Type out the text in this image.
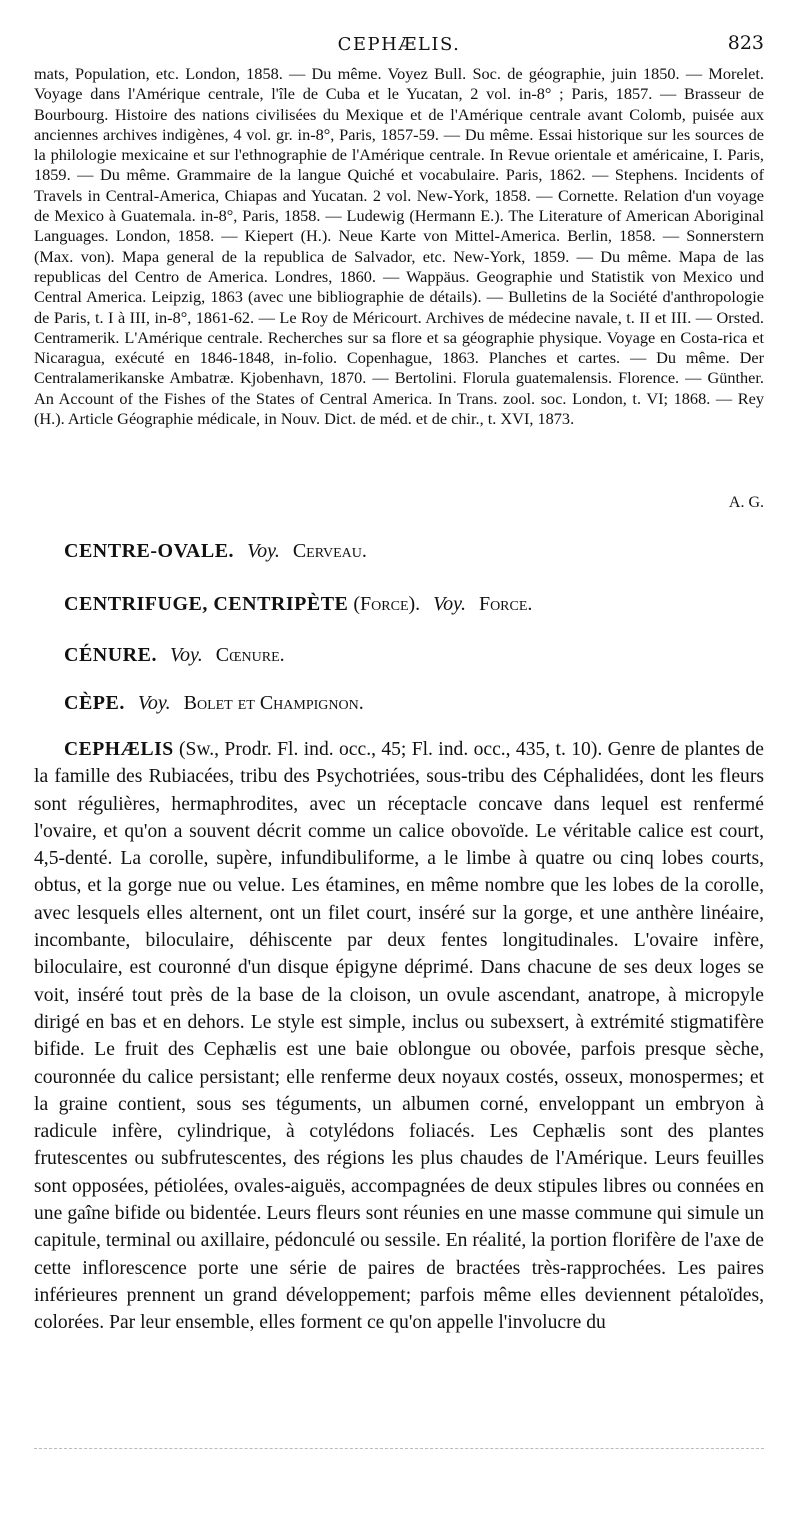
CEPHÆLIS.	823
mats, Population, etc. London, 1858. — Du même. Voyez Bull. Soc. de géographie, juin 1850. — Morelet. Voyage dans l'Amérique centrale, l'île de Cuba et le Yucatan, 2 vol. in-8° ; Paris, 1857. — Brasseur de Bourbourg. Histoire des nations civilisées du Mexique et de l'Amérique centrale avant Colomb, puisée aux anciennes archives indigènes, 4 vol. gr. in-8°, Paris, 1857-59. — Du même. Essai historique sur les sources de la philologie mexicaine et sur l'ethnographie de l'Amérique centrale. In Revue orientale et américaine, I. Paris, 1859. — Du même. Grammaire de la langue Quiché et vocabulaire. Paris, 1862. — Stephens. Incidents of Travels in Central-America, Chiapas and Yucatan. 2 vol. New-York, 1858. — Cornette. Relation d'un voyage de Mexico à Guatemala. in-8°, Paris, 1858. — Ludewig (Hermann E.). The Literature of American Aboriginal Languages. London, 1858. — Kiepert (H.). Neue Karte von Mittel-America. Berlin, 1858. — Sonnerstern (Max. von). Mapa general de la republica de Salvador, etc. New-York, 1859. — Du même. Mapa de las republicas del Centro de America. Londres, 1860. — Wappäus. Geographie und Statistik von Mexico und Central America. Leipzig, 1863 (avec une bibliographie de détails). — Bulletins de la Société d'anthropologie de Paris, t. I à III, in-8°, 1861-62. — Le Roy de Méricourt. Archives de médecine navale, t. II et III. — Orsted. Centramerik. L'Amérique centrale. Recherches sur sa flore et sa géographie physique. Voyage en Costa-rica et Nicaragua, exécuté en 1846-1848, in-folio. Copenhague, 1863. Planches et cartes. — Du même. Der Centralamerikanske Ambatræ. Kjobenhavn, 1870. — Bertolini. Florula guatemalensis. Florence. — Günther. An Account of the Fishes of the States of Central America. In Trans. zool. soc. London, t. VI; 1868. — Rey (H.). Article Géographie médicale, in Nouv. Dict. de méd. et de chir., t. XVI, 1873.
A. G.
CENTRE-OVALE. Voy. Cerveau.
CENTRIFUGE, CENTRIPÈTE (Force). Voy. Force.
CÉNURE. Voy. Cœnure.
CÈPE. Voy. Bolet et Champignon.
CEPHÆLIS (Sw., Prodr. Fl. ind. occ., 45; Fl. ind. occ., 435, t. 10). Genre de plantes de la famille des Rubiacées, tribu des Psychotriées, sous-tribu des Céphalidées, dont les fleurs sont régulières, hermaphrodites, avec un réceptacle concave dans lequel est renfermé l'ovaire, et qu'on a souvent décrit comme un calice obovoïde. Le véritable calice est court, 4,5-denté. La corolle, supère, infundibuliforme, a le limbe à quatre ou cinq lobes courts, obtus, et la gorge nue ou velue. Les étamines, en même nombre que les lobes de la corolle, avec lesquels elles alternent, ont un filet court, inséré sur la gorge, et une anthère linéaire, incombante, biloculaire, déhiscente par deux fentes longitudinales. L'ovaire infère, biloculaire, est couronné d'un disque épigyne déprimé. Dans chacune de ses deux loges se voit, inséré tout près de la base de la cloison, un ovule ascendant, anatrope, à micropyle dirigé en bas et en dehors. Le style est simple, inclus ou subexsert, à extrémité stigmatifère bifide. Le fruit des Cephælis est une baie oblongue ou obovée, parfois presque sèche, couronnée du calice persistant; elle renferme deux noyaux costés, osseux, monospermes; et la graine contient, sous ses téguments, un albumen corné, enveloppant un embryon à radicule infère, cylindrique, à cotylédons foliacés. Les Cephælis sont des plantes frutescentes ou subfrutescentes, des régions les plus chaudes de l'Amérique. Leurs feuilles sont opposées, pétiolées, ovales-aiguës, accompagnées de deux stipules libres ou connées en une gaîne bifide ou bidentée. Leurs fleurs sont réunies en une masse commune qui simule un capitule, terminal ou axillaire, pédonculé ou sessile. En réalité, la portion florifère de l'axe de cette inflorescence porte une série de paires de bractées très-rapprochées. Les paires inférieures prennent un grand développement; parfois même elles deviennent pétaloïdes, colorées. Par leur ensemble, elles forment ce qu'on appelle l'involucre du
